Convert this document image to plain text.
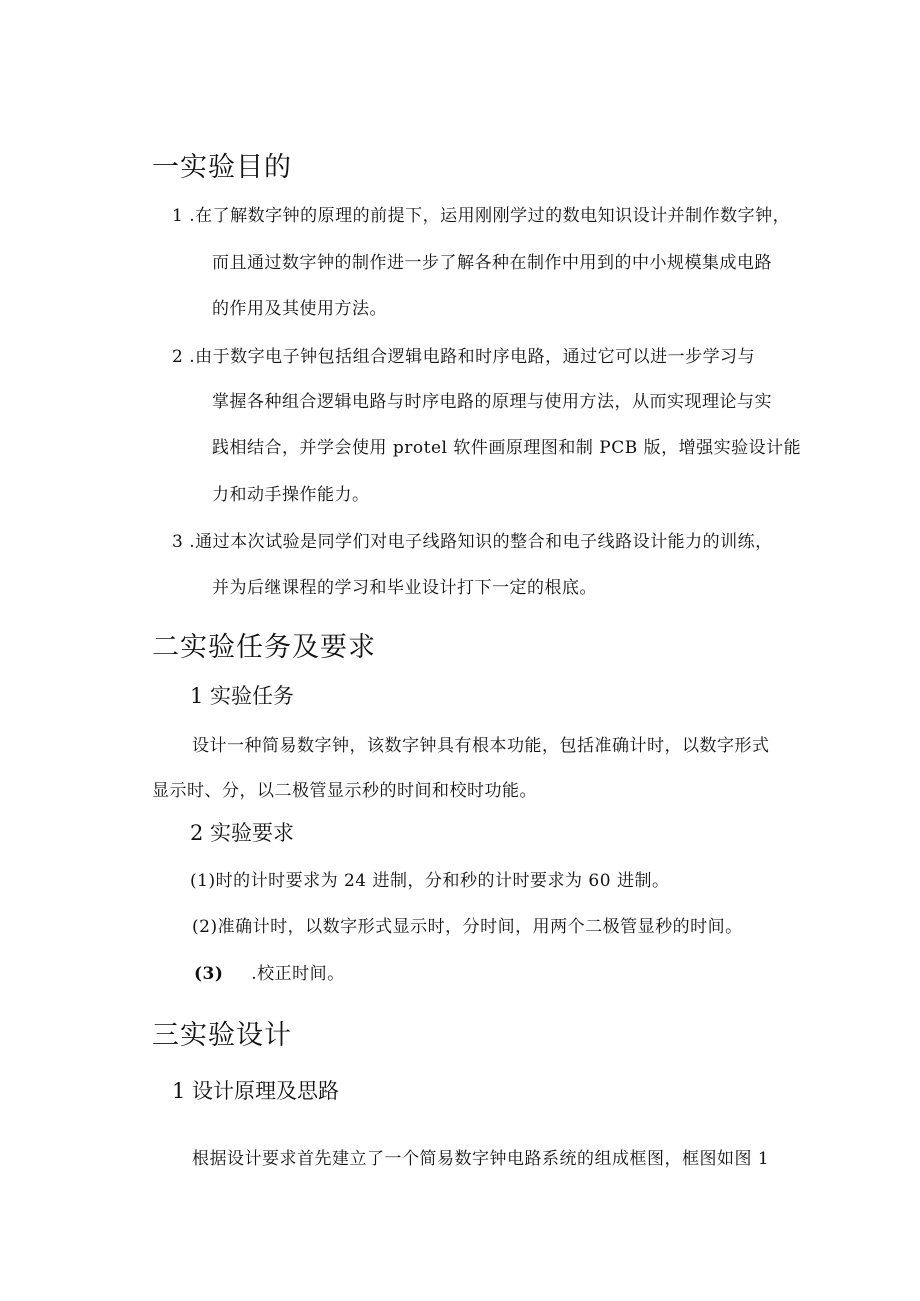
一实验目的
1 .在了解数字钟的原理的前提下，运用刚刚学过的数电知识设计并制作数字钟，
而且通过数字钟的制作进一步了解各种在制作中用到的中小规模集成电路
的作用及其使用方法。
2 .由于数字电子钟包括组合逻辑电路和时序电路，通过它可以进一步学习与
掌握各种组合逻辑电路与时序电路的原理与使用方法，从而实现理论与实
践相结合，并学会使用 protel 软件画原理图和制 PCB 版，增强实验设计能
力和动手操作能力。
3 .通过本次试验是同学们对电子线路知识的整合和电子线路设计能力的训练，
并为后继课程的学习和毕业设计打下一定的根底。
二实验任务及要求
1 实验任务
设计一种简易数字钟，该数字钟具有根本功能，包括准确计时，以数字形式
显示时、分，以二极管显示秒的时间和校时功能。
2 实验要求
(1)时的计时要求为 24 进制，分和秒的计时要求为 60 进制。
(2)准确计时，以数字形式显示时，分时间，用两个二极管显秒的时间。
(3) .校正时间。
三实验设计
1 设计原理及思路
根据设计要求首先建立了一个简易数字钟电路系统的组成框图，框图如图 1
